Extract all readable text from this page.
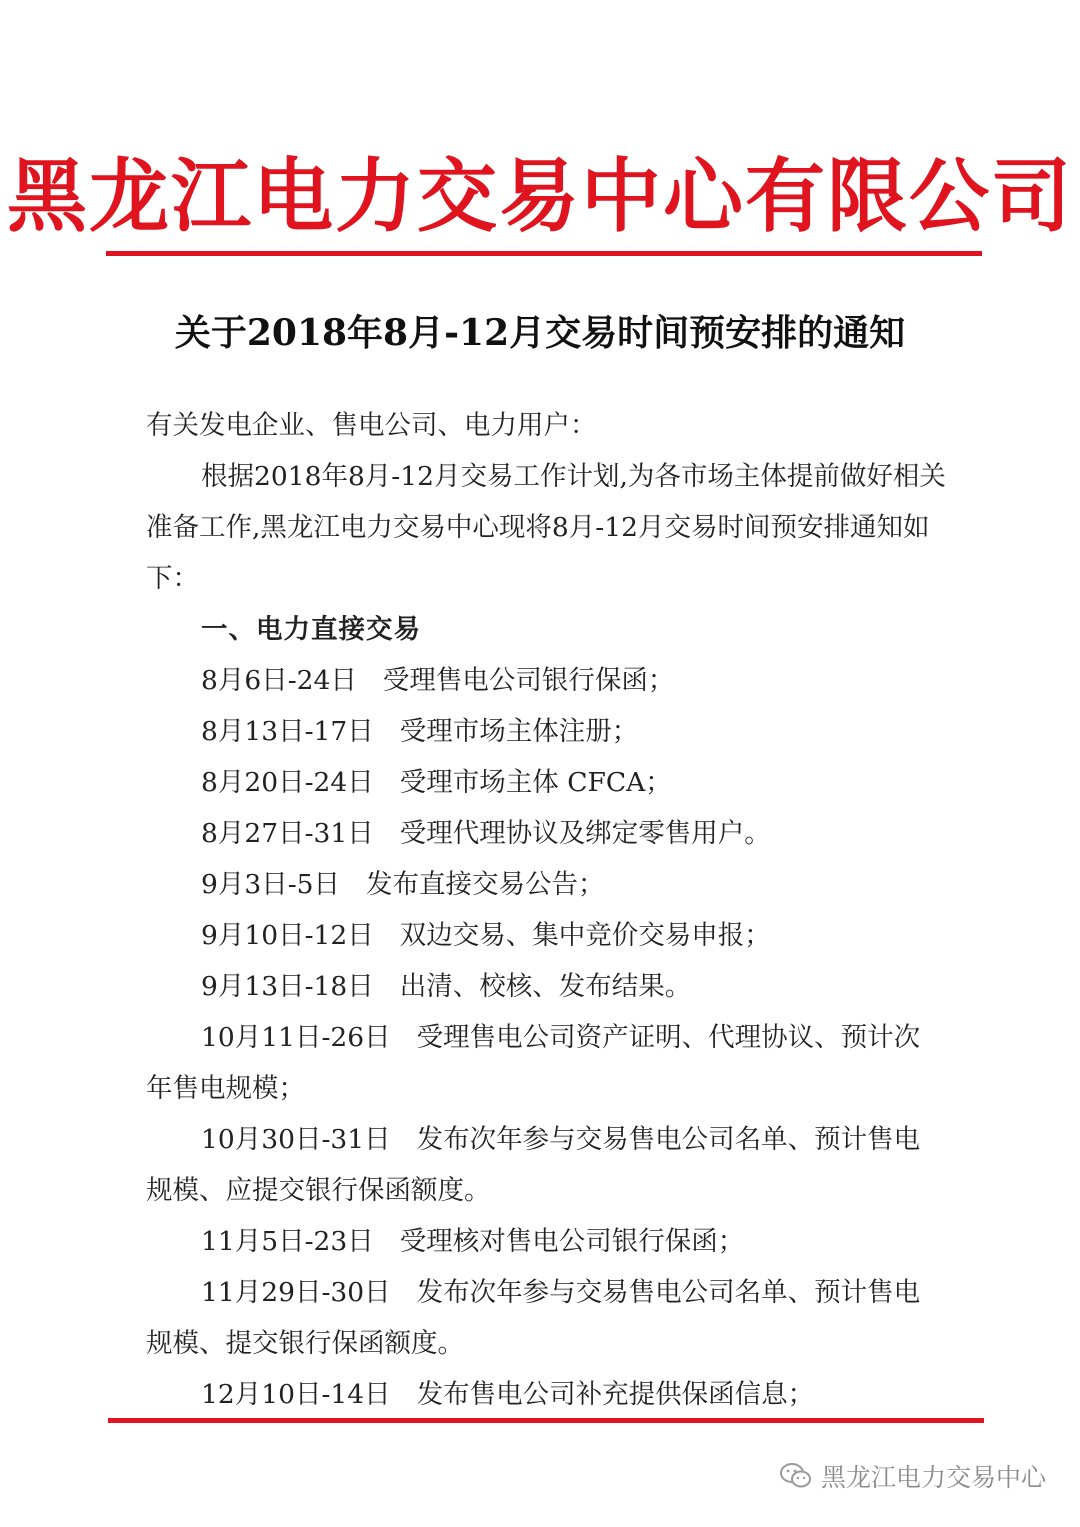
黑龙江电力交易中心有限公司
关于2018年8月-12月交易时间预安排的通知

有关发电企业、售电公司、电力用户：

根据2018年8月-12月交易工作计划,为各市场主体提前做好相关准备工作,黑龙江电力交易中心现将8月-12月交易时间预安排通知如下：

一、电力直接交易

8月6日-24日 受理售电公司银行保函；

8月13日-17日 受理市场主体注册；

8月20日-24日 受理市场主体 CFCA；

8月27日-31日 受理代理协议及绑定零售用户。

9月3日-5日 发布直接交易公告；

9月10日-12日 双边交易、集中竞价交易申报；

9月13日-18日 出清、校核、发布结果。

10月11日-26日 受理售电公司资产证明、代理协议、预计次年售电规模；

10月30日-31日 发布次年参与交易售电公司名单、预计售电规模、应提交银行保函额度。

11月5日-23日 受理核对售电公司银行保函；

11月29日-30日 发布次年参与交易售电公司名单、预计售电规模、提交银行保函额度。

12月10日-14日 发布售电公司补充提供保函信息；

黑龙江电力交易中心
